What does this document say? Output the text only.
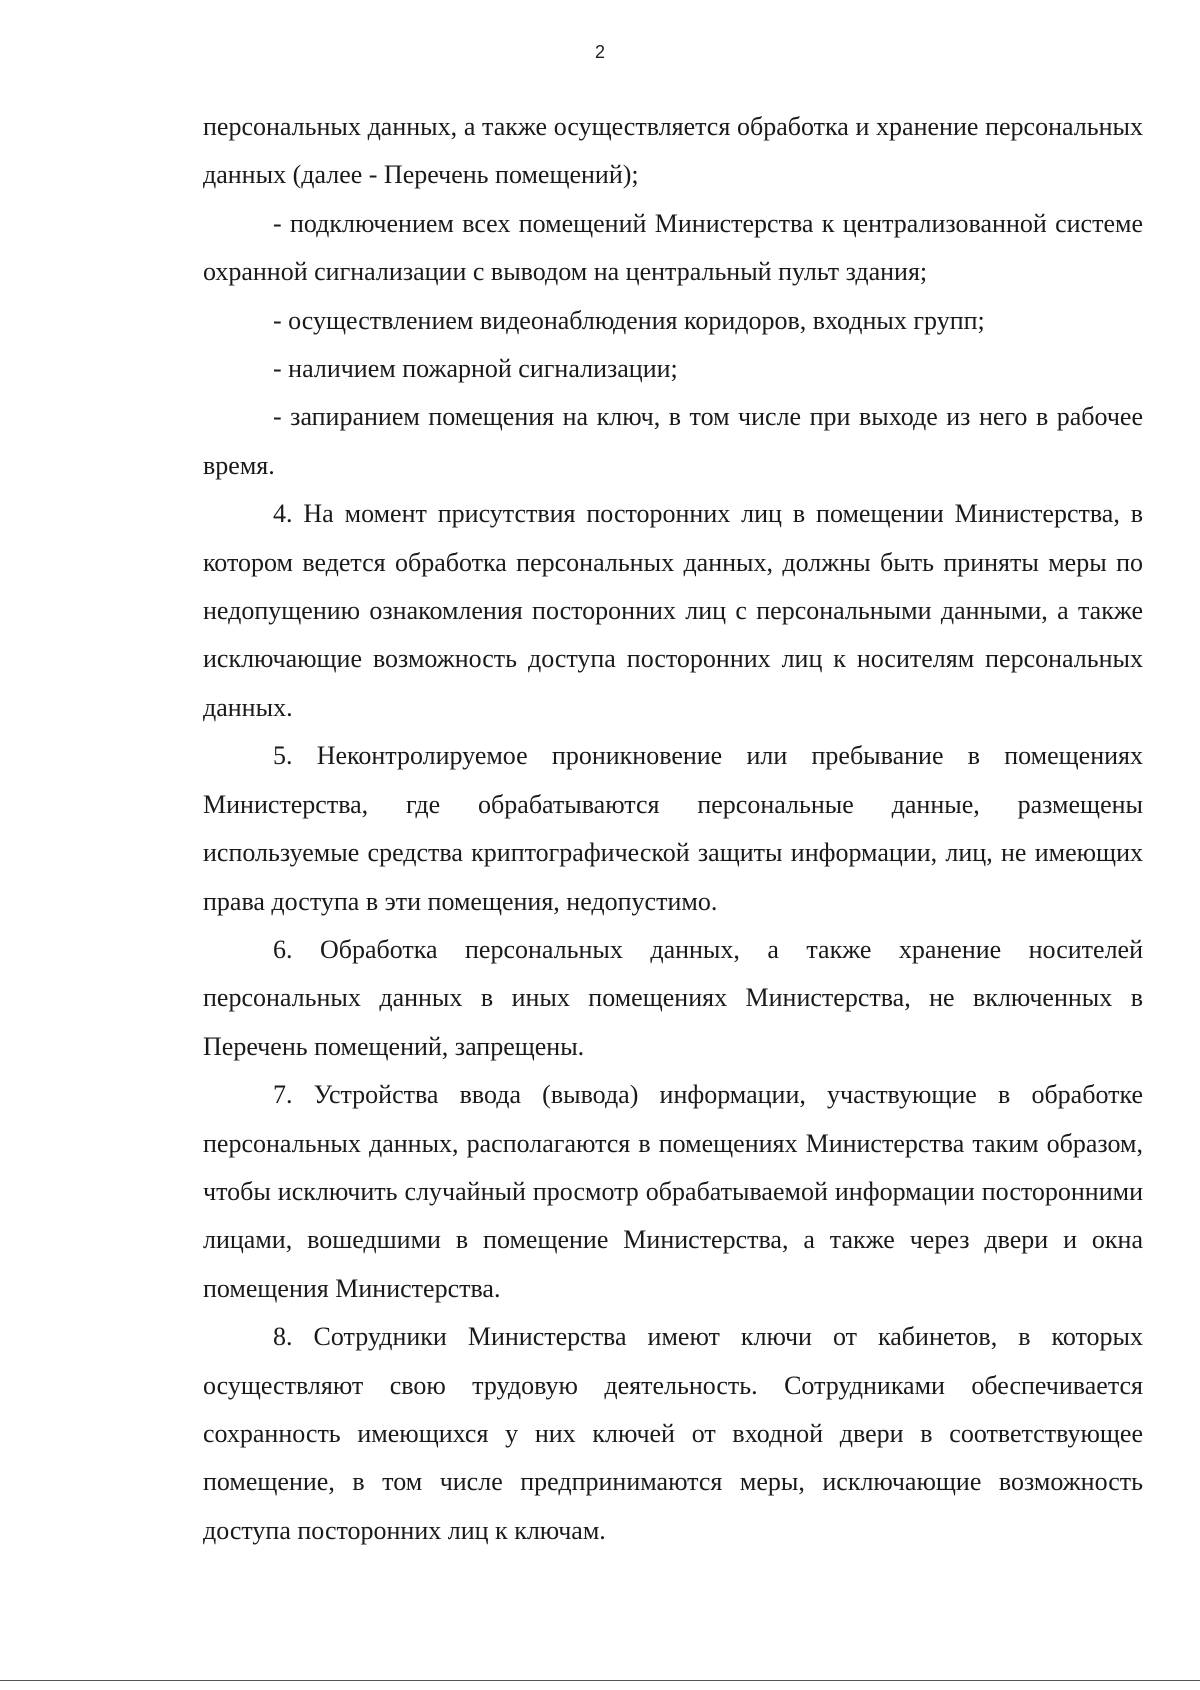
2

персональных данных, а также осуществляется обработка и хранение персональных данных (далее - Перечень помещений);

- подключением всех помещений Министерства к централизованной системе охранной сигнализации с выводом на центральный пульт здания;

- осуществлением видеонаблюдения коридоров, входных групп;

- наличием пожарной сигнализации;

- запиранием помещения на ключ, в том числе при выходе из него в рабочее время.

4. На момент присутствия посторонних лиц в помещении Министерства, в котором ведется обработка персональных данных, должны быть приняты меры по недопущению ознакомления посторонних лиц с персональными данными, а также исключающие возможность доступа посторонних лиц к носителям персональных данных.

5. Неконтролируемое проникновение или пребывание в помещениях Министерства, где обрабатываются персональные данные, размещены используемые средства криптографической защиты информации, лиц, не имеющих права доступа в эти помещения, недопустимо.

6. Обработка персональных данных, а также хранение носителей персональных данных в иных помещениях Министерства, не включенных в Перечень помещений, запрещены.

7. Устройства ввода (вывода) информации, участвующие в обработке персональных данных, располагаются в помещениях Министерства таким образом, чтобы исключить случайный просмотр обрабатываемой информации посторонними лицами, вошедшими в помещение Министерства, а также через двери и окна помещения Министерства.

8. Сотрудники Министерства имеют ключи от кабинетов, в которых осуществляют свою трудовую деятельность. Сотрудниками обеспечивается сохранность имеющихся у них ключей от входной двери в соответствующее помещение, в том числе предпринимаются меры, исключающие возможность доступа посторонних лиц к ключам.
